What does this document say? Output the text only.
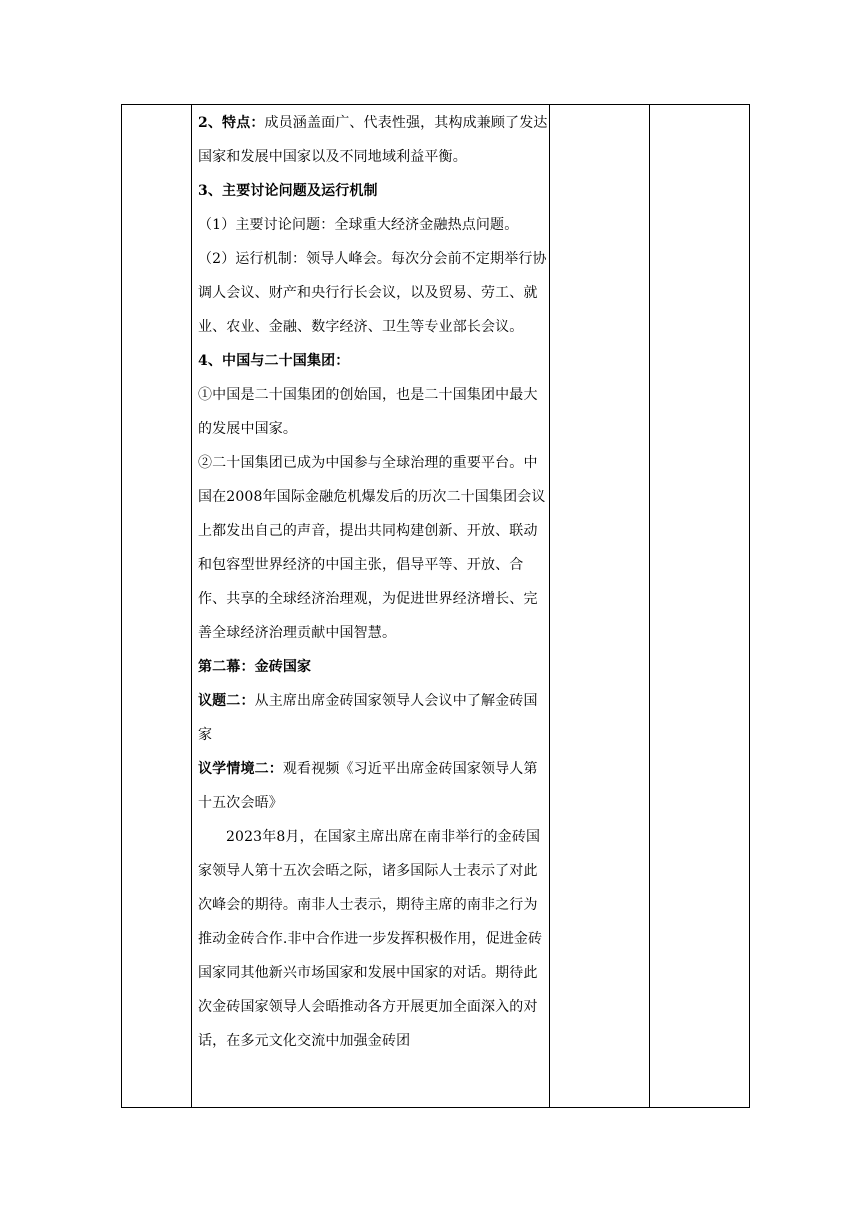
2、特点：成员涵盖面广、代表性强，其构成兼顾了发达国家和发展中国家以及不同地域利益平衡。

3、主要讨论问题及运行机制

（1）主要讨论问题：全球重大经济金融热点问题。

（2）运行机制：领导人峰会。每次分会前不定期举行协调人会议、财产和央行行长会议，以及贸易、劳工、就业、农业、金融、数字经济、卫生等专业部长会议。

4、中国与二十国集团：

①中国是二十国集团的创始国，也是二十国集团中最大的发展中国家。

②二十国集团已成为中国参与全球治理的重要平台。中国在2008年国际金融危机爆发后的历次二十国集团会议上都发出自己的声音，提出共同构建创新、开放、联动和包容型世界经济的中国主张，倡导平等、开放、合作、共享的全球经济治理观，为促进世界经济增长、完善全球经济治理贡献中国智慧。

第二幕：金砖国家

议题二：从主席出席金砖国家领导人会议中了解金砖国家

议学情境二：观看视频《习近平出席金砖国家领导人第十五次会晤》

2023年8月，在国家主席出席在南非举行的金砖国家领导人第十五次会晤之际，诸多国际人士表示了对此次峰会的期待。南非人士表示，期待主席的南非之行为推动金砖合作.非中合作进一步发挥积极作用，促进金砖国家同其他新兴市场国家和发展中国家的对话。期待此次金砖国家领导人会晤推动各方开展更加全面深入的对话，在多元文化交流中加强金砖团
